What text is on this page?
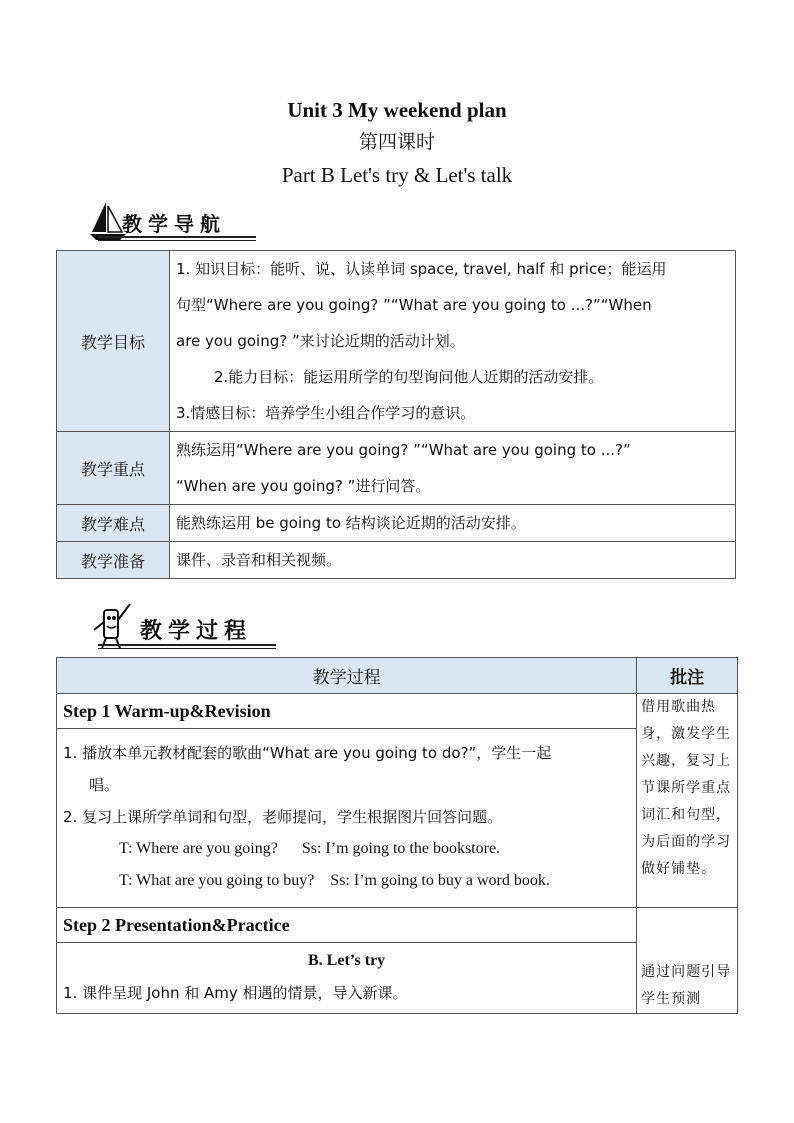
Unit 3 My weekend plan
第四课时
Part B Let's try & Let's talk
教学导航
教学目标	1. 知识目标：能听、说、认读单词 space, travel, half 和 price；能运用
句型“Where are you going? ”“What are you going to ...?”“When
are you going? ”来讨论近期的活动计划。
2.能力目标：能运用所学的句型询问他人近期的活动安排。
3.情感目标：培养学生小组合作学习的意识。

教学重点	熟练运用“Where are you going? ”“What are you going to ...?”
“When are you going? ”进行问答。

教学难点	能熟练运用 be going to 结构谈论近期的活动安排。
教学准备	课件、录音和相关视频。
教学过程
教学过程	批注
Step 1 Warm-up&Revision	借用歌曲热身，激发学生兴趣，复习上节课所学重点词汇和句型，为后面的学习做好铺垫。

1. 播放本单元教材配套的歌曲“What are you going to do?”，学生一起
唱。
2. 复习上课所学单词和句型，老师提问，学生根据图片回答问题。
T: Where are you going?      Ss: I’m going to the bookstore.
T: What are you going to buy?    Ss: I’m going to buy a word book.	

Step 2 Presentation&Practice	通过问题引导学生预测

B. Let’s try
1. 课件呈现 John 和 Amy 相遇的情景，导入新课。	
